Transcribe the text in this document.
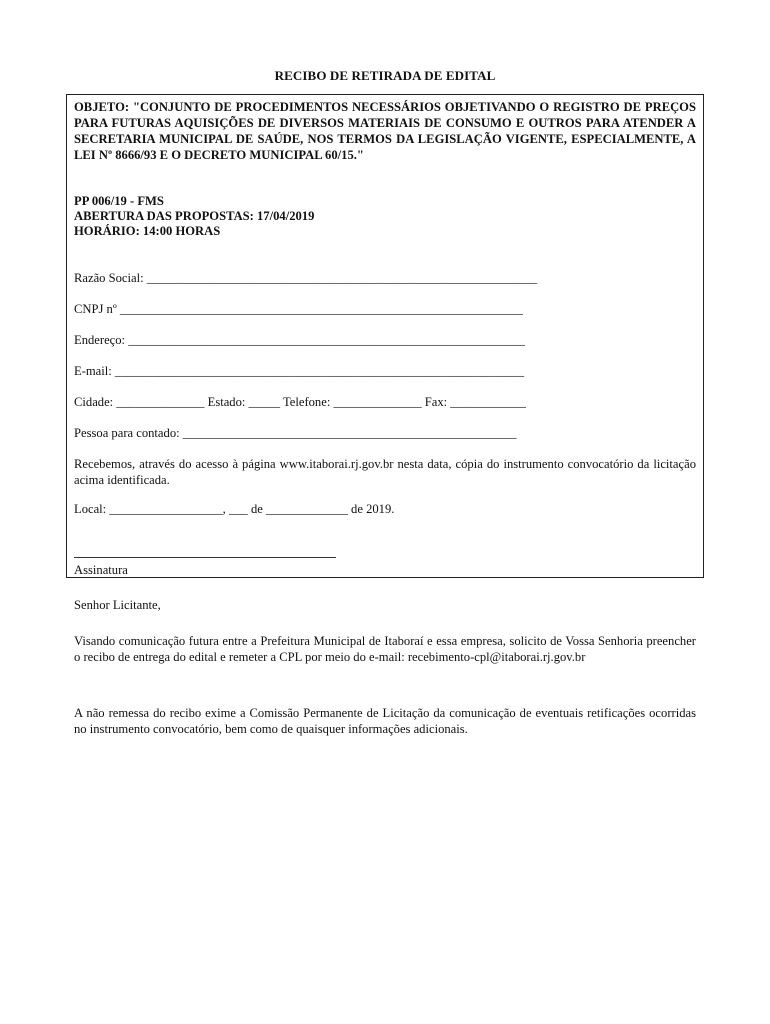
RECIBO DE RETIRADA DE EDITAL
OBJETO: "CONJUNTO DE PROCEDIMENTOS NECESSÁRIOS OBJETIVANDO O REGISTRO DE PREÇOS PARA FUTURAS AQUISIÇÕES DE DIVERSOS MATERIAIS DE CONSUMO E OUTROS PARA ATENDER A SECRETARIA MUNICIPAL DE SAÚDE, NOS TERMOS DA LEGISLAÇÃO VIGENTE, ESPECIALMENTE, A LEI Nº 8666/93 E O DECRETO MUNICIPAL 60/15."
PP 006/19 - FMS
ABERTURA DAS PROPOSTAS: 17/04/2019
HORÁRIO: 14:00 HORAS
Razão Social: ______________________________________________________________
CNPJ nº ________________________________________________________________
Endereço: _______________________________________________________________
E-mail: _________________________________________________________________
Cidade: ______________ Estado: _____ Telefone: ______________ Fax: ____________
Pessoa para contado: _____________________________________________________
Recebemos, através do acesso à página www.itaborai.rj.gov.br nesta data, cópia do instrumento convocatório da licitação acima identificada.
Local: __________________, ___ de _____________ de 2019.
Assinatura
Senhor Licitante,
Visando comunicação futura entre a Prefeitura Municipal de Itaboraí e essa empresa, solicito de Vossa Senhoria preencher o recibo de entrega do edital e remeter a CPL por meio do e-mail: recebimento-cpl@itaborai.rj.gov.br
A não remessa do recibo exime a Comissão Permanente de Licitação da comunicação de eventuais retificações ocorridas no instrumento convocatório, bem como de quaisquer informações adicionais.
